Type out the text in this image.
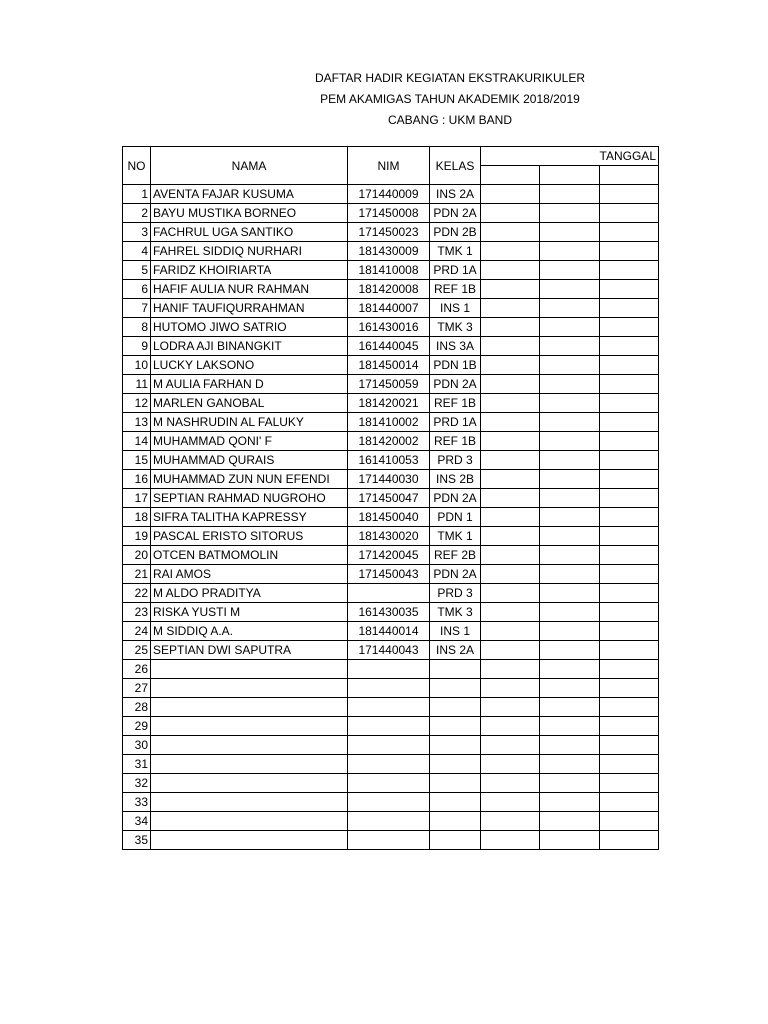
DAFTAR HADIR KEGIATAN EKSTRAKURIKULER
PEM AKAMIGAS TAHUN AKADEMIK 2018/2019
CABANG : UKM BAND
NO	NAMA	NIM	KELAS	TANGGAL		

1	AVENTA FAJAR KUSUMA	171440009	INS 2A			
2	BAYU MUSTIKA BORNEO	171450008	PDN 2A			
3	FACHRUL UGA SANTIKO	171450023	PDN 2B			
4	FAHREL SIDDIQ NURHARI	181430009	TMK 1			
5	FARIDZ KHOIRIARTA	181410008	PRD 1A			
6	HAFIF AULIA NUR RAHMAN	181420008	REF 1B			
7	HANIF TAUFIQURRAHMAN	181440007	INS 1			
8	HUTOMO JIWO SATRIO	161430016	TMK 3			
9	LODRA AJI BINANGKIT	161440045	INS 3A			
10	LUCKY LAKSONO	181450014	PDN 1B			
11	M AULIA FARHAN D	171450059	PDN 2A			
12	MARLEN GANOBAL	181420021	REF 1B			
13	M NASHRUDIN AL FALUKY	181410002	PRD 1A			
14	MUHAMMAD QONI' F	181420002	REF 1B			
15	MUHAMMAD QURAIS	161410053	PRD 3			
16	MUHAMMAD ZUN NUN EFENDI	171440030	INS 2B			
17	SEPTIAN RAHMAD NUGROHO	171450047	PDN 2A			
18	SIFRA TALITHA KAPRESSY	181450040	PDN 1			
19	PASCAL ERISTO SITORUS	181430020	TMK 1			
20	OTCEN BATMOMOLIN	171420045	REF 2B			
21	RAI AMOS	171450043	PDN 2A			
22	M ALDO PRADITYA		PRD 3			
23	RISKA YUSTI M	161430035	TMK 3			
24	M SIDDIQ A.A.	181440014	INS 1			
25	SEPTIAN DWI SAPUTRA	171440043	INS 2A			
26						
27						
28						
29						
30						
31						
32						
33						
34						
35						
